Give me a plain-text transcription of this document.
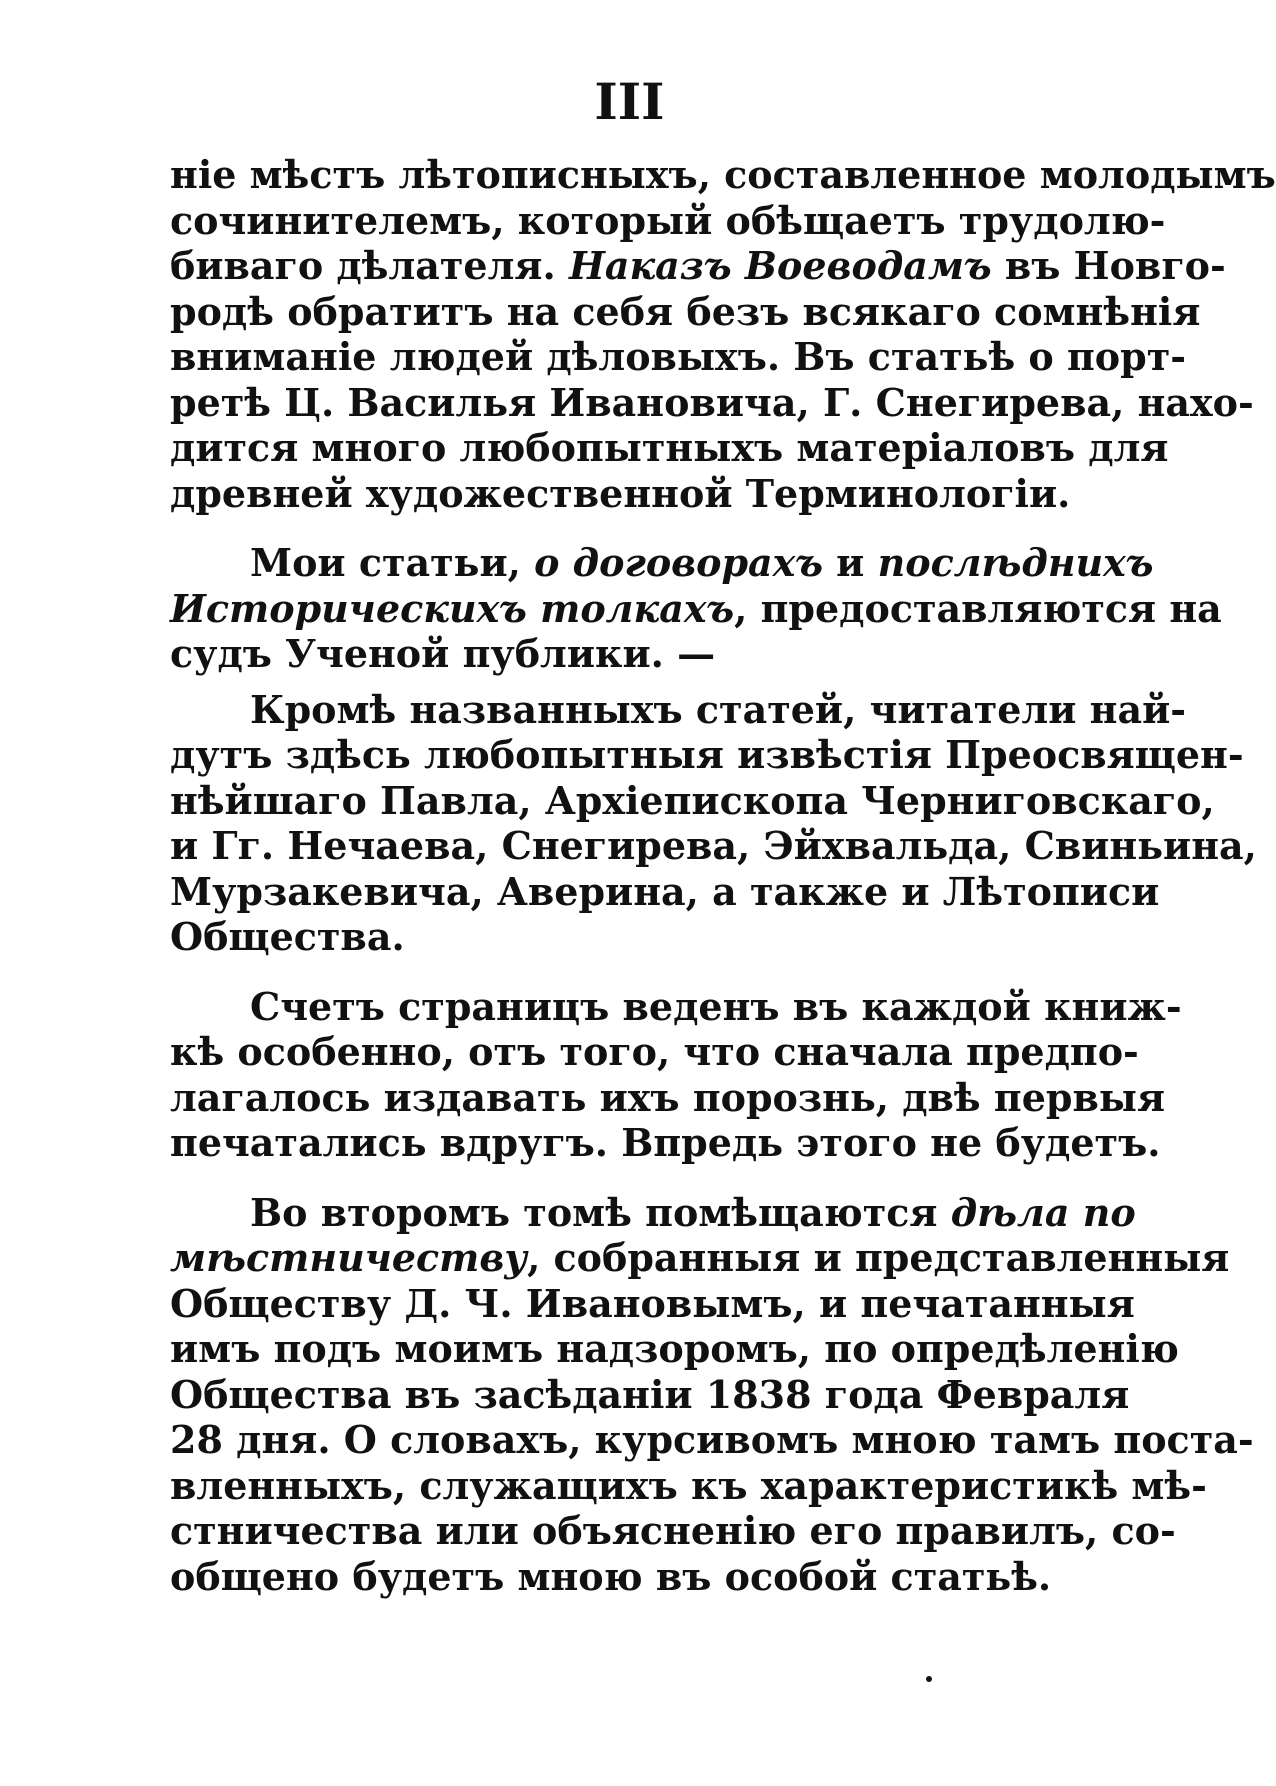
III
ніе мѣстъ лѣтописныхъ, составленное молодымъ
сочинителемъ, который обѣщаетъ трудолю-
биваго дѣлателя. Наказъ Воеводамъ въ Новго-
родѣ обратитъ на себя безъ всякаго сомнѣнія
вниманіе людей дѣловыхъ. Въ статьѣ о порт-
ретѣ Ц. Василья Ивановича, Г. Снегирева, нахо-
дится много любопытныхъ матеріаловъ для
древней художественной Терминологіи.
Мои статьи, о договорахъ и послѣднихъ
Историческихъ толкахъ, предоставляются на
судъ Ученой публики. —
Кромѣ названныхъ статей, читатели най-
дутъ здѣсь любопытныя извѣстія Преосвящен-
нѣйшаго Павла, Архіепископа Черниговскаго,
и Гг. Нечаева, Снегирева, Эйхвальда, Свиньина,
Мурзакевича, Аверина, а также и Лѣтописи
Общества.
Счетъ страницъ веденъ въ каждой книж-
кѣ особенно, отъ того, что сначала предпо-
лагалось издавать ихъ порознь, двѣ первыя
печатались вдругъ. Впредь этого не будетъ.
Во второмъ томѣ помѣщаются дѣла по
мѣстничеству, собранныя и представленныя
Обществу Д. Ч. Ивановымъ, и печатанныя
имъ подъ моимъ надзоромъ, по опредѣленію
Общества въ засѣданіи 1838 года Февраля
28 дня. О словахъ, курсивомъ мною тамъ поста-
вленныхъ, служащихъ къ характеристикѣ мѣ-
стничества или объясненію его правилъ, со-
общено будетъ мною въ особой статьѣ.
